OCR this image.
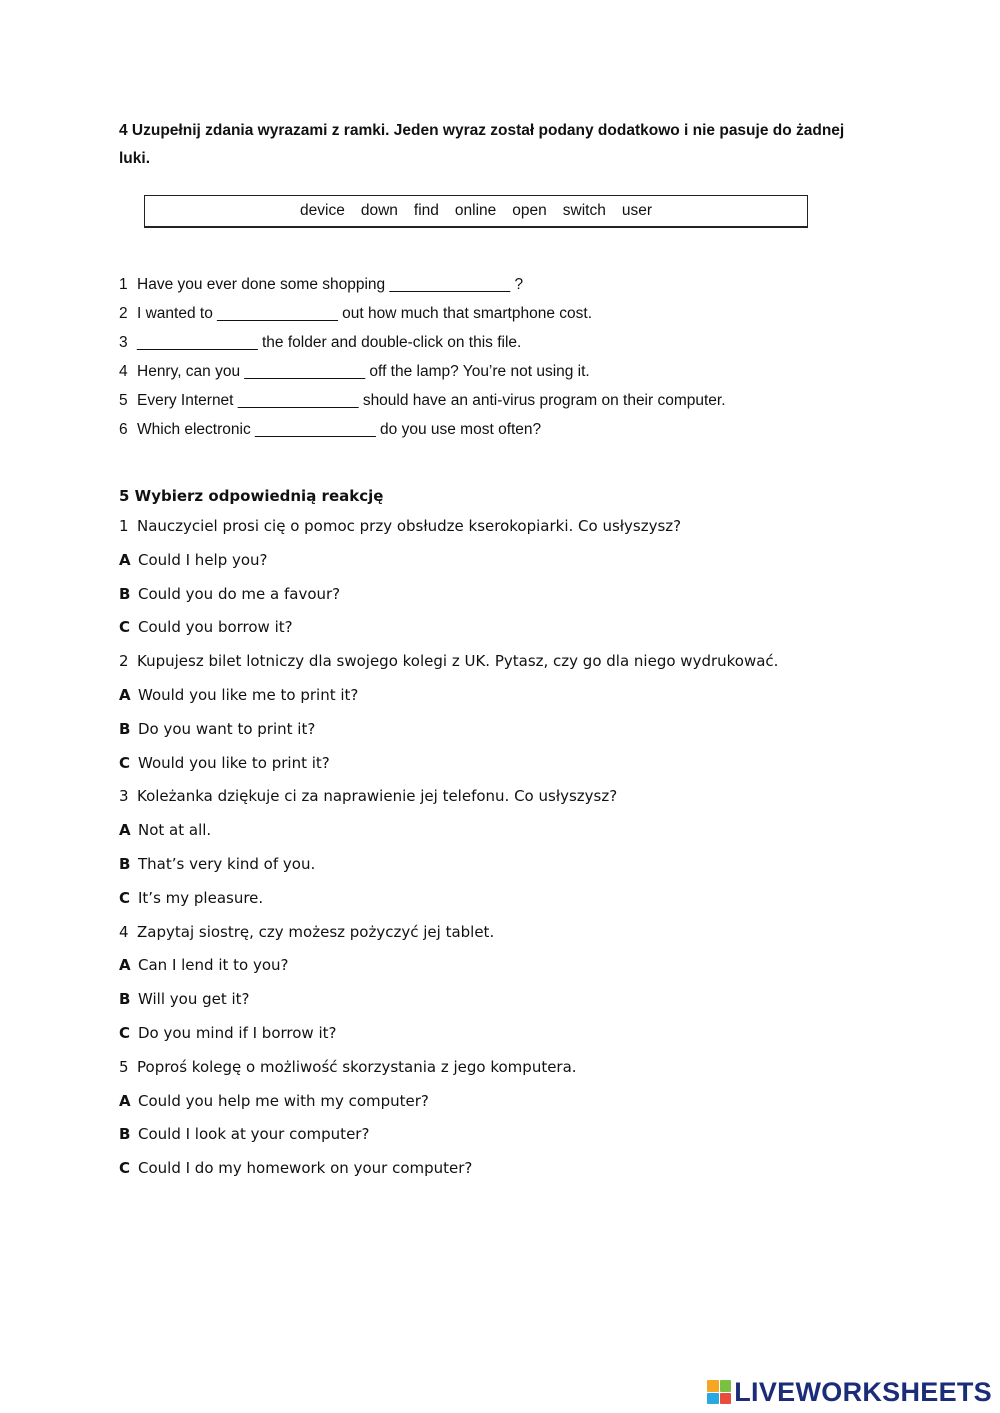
4 Uzupełnij zdania wyrazami z ramki. Jeden wyraz został podany dodatkowo i nie pasuje do żadnej luki.
device down find online open switch user
1 Have you ever done some shopping ______________ ?
2 I wanted to ______________ out how much that smartphone cost.
3 ______________ the folder and double-click on this file.
4 Henry, can you ______________ off the lamp? You’re not using it.
5 Every Internet ______________ should have an anti-virus program on their computer.
6 Which electronic ______________ do you use most often?
5 Wybierz odpowiednią reakcję
1 Nauczyciel prosi cię o pomoc przy obsłudze kserokopiarki. Co usłyszysz?
A Could I help you?
B Could you do me a favour?
C Could you borrow it?
2 Kupujesz bilet lotniczy dla swojego kolegi z UK. Pytasz, czy go dla niego wydrukować.
A Would you like me to print it?
B Do you want to print it?
C Would you like to print it?
3 Koleżanka dziękuje ci za naprawienie jej telefonu. Co usłyszysz?
A Not at all.
B That’s very kind of you.
C It’s my pleasure.
4 Zapytaj siostrę, czy możesz pożyczyć jej tablet.
A Can I lend it to you?
B Will you get it?
C Do you mind if I borrow it?
5 Poproś kolegę o możliwość skorzystania z jego komputera.
A Could you help me with my computer?
B Could I look at your computer?
C Could I do my homework on your computer?
LIVEWORKSHEETS
